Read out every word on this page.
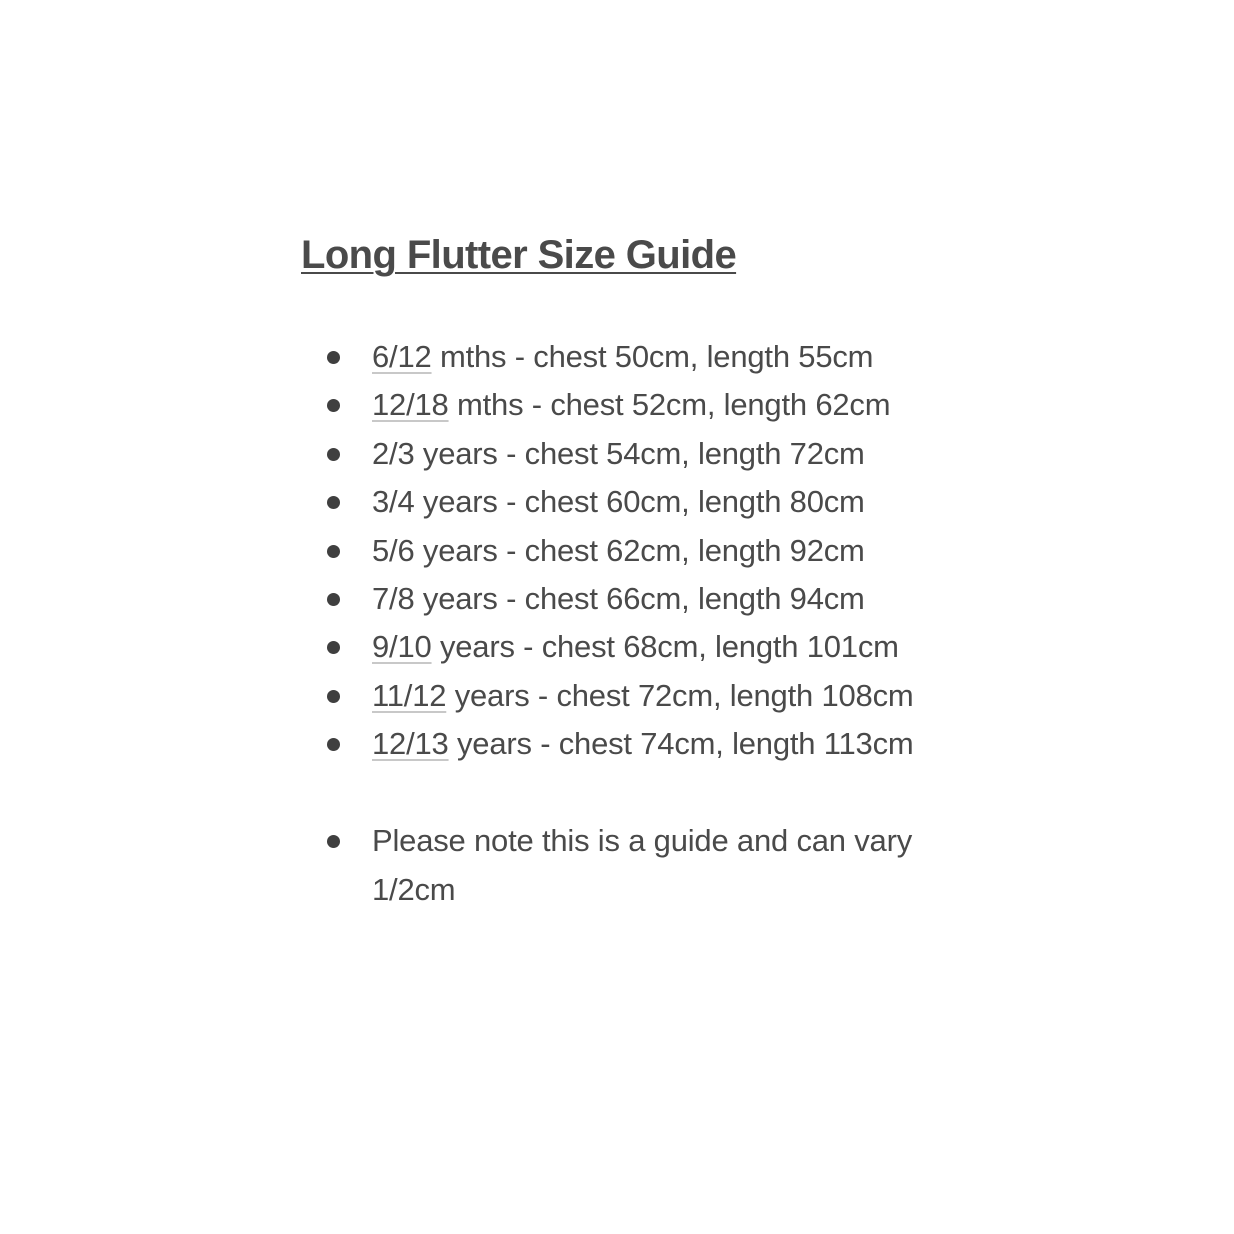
Long Flutter Size Guide
6/12 mths - chest 50cm, length 55cm
12/18 mths - chest 52cm, length 62cm
2/3 years - chest 54cm, length 72cm
3/4 years - chest 60cm, length 80cm
5/6 years - chest 62cm, length 92cm
7/8 years - chest 66cm, length 94cm
9/10 years - chest 68cm, length 101cm
11/12 years - chest 72cm, length 108cm
12/13 years - chest 74cm, length 113cm
Please note this is a guide and can vary 1/2cm
